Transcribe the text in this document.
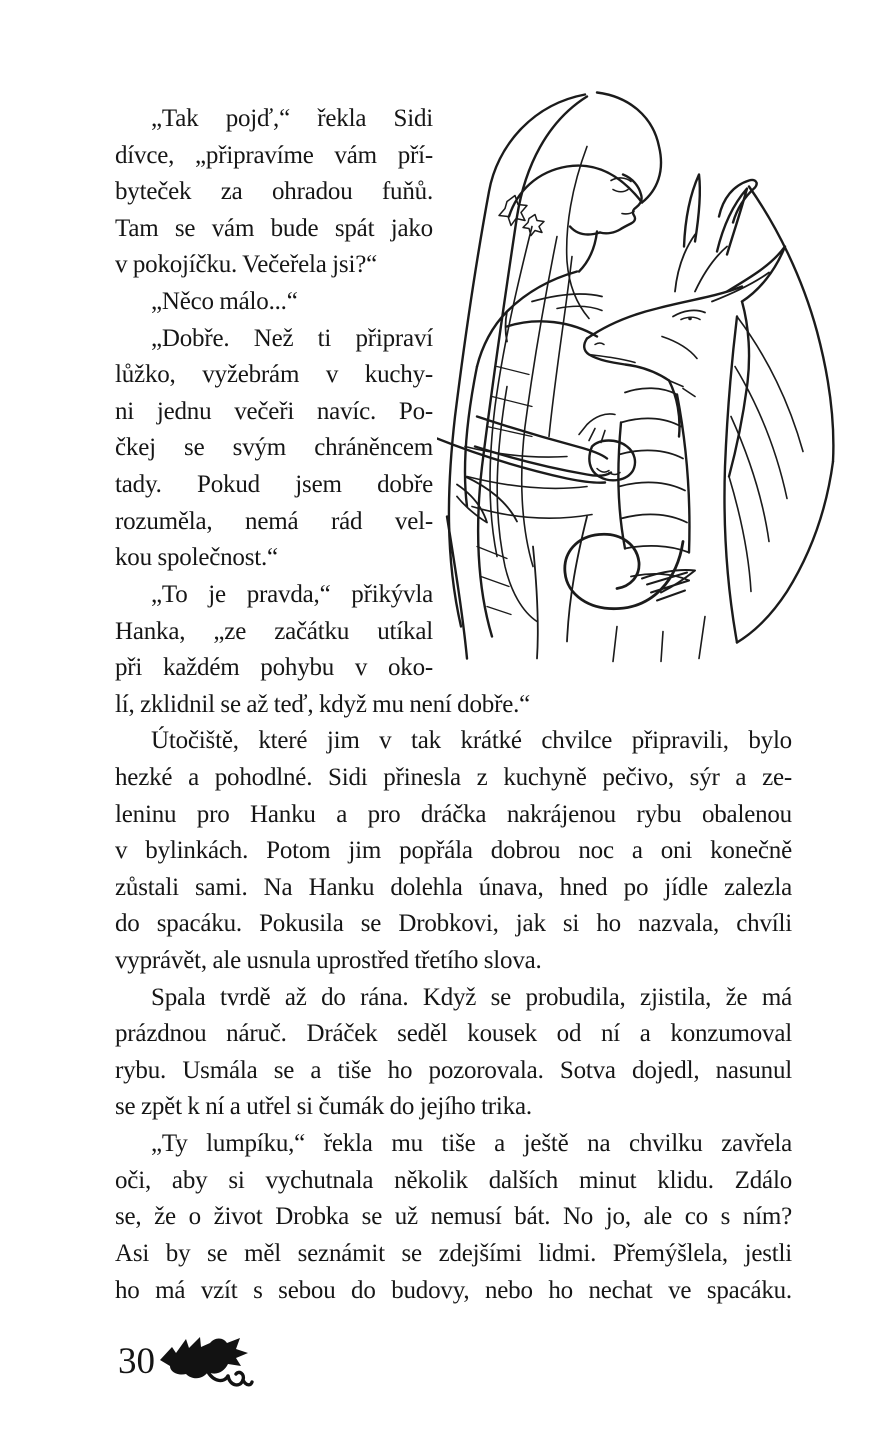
„Tak pojď,“ řekla Sidi
dívce, „připravíme vám pří-
byteček za ohradou fuňů.
Tam se vám bude spát jako
v pokojíčku. Večeřela jsi?“
„Něco málo...“
„Dobře. Než ti připraví
lůžko, vyžebrám v kuchy-
ni jednu večeři navíc. Po-
čkej se svým chráněncem
tady. Pokud jsem dobře
rozuměla, nemá rád vel-
kou společnost.“
„To je pravda,“ přikývla
Hanka, „ze začátku utíkal
při každém pohybu v oko-
lí, zklidnil se až teď, když mu není dobře.“
Útočiště, které jim v tak krátké chvilce připravili, bylo
hezké a pohodlné. Sidi přinesla z kuchyně pečivo, sýr a ze-
leninu pro Hanku a pro dráčka nakrájenou rybu obalenou
v bylinkách. Potom jim popřála dobrou noc a oni konečně
zůstali sami. Na Hanku dolehla únava, hned po jídle zalezla
do spacáku. Pokusila se Drobkovi, jak si ho nazvala, chvíli
vyprávět, ale usnula uprostřed třetího slova.
Spala tvrdě až do rána. Když se probudila, zjistila, že má
prázdnou náruč. Dráček seděl kousek od ní a konzumoval
rybu. Usmála se a tiše ho pozorovala. Sotva dojedl, nasunul
se zpět k ní a utřel si čumák do jejího trika.
„Ty lumpíku,“ řekla mu tiše a ještě na chvilku zavřela
oči, aby si vychutnala několik dalších minut klidu. Zdálo
se, že o život Drobka se už nemusí bát. No jo, ale co s ním?
Asi by se měl seznámit se zdejšími lidmi. Přemýšlela, jestli
ho má vzít s sebou do budovy, nebo ho nechat ve spacáku.
30
